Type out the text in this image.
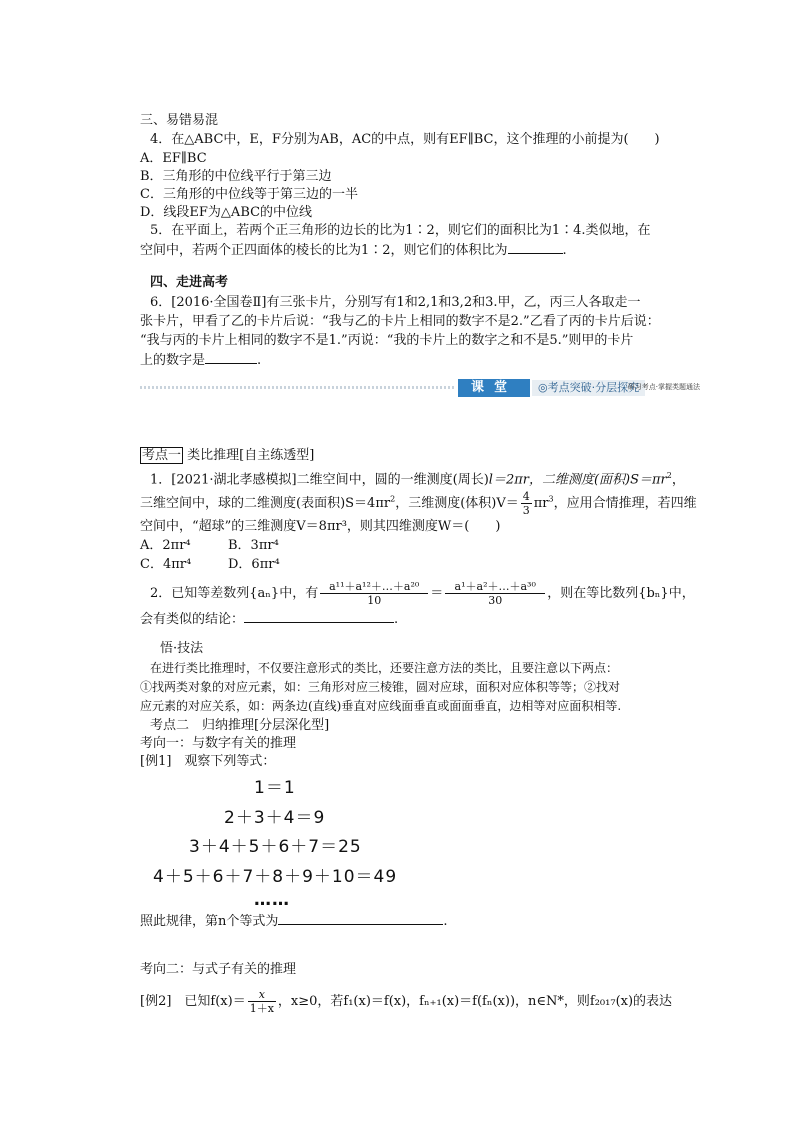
三、易错易混
4．在△ABC中，E，F分别为AB，AC的中点，则有EF∥BC，这个推理的小前提为(　　)
A．EF∥BC
B．三角形的中位线平行于第三边
C．三角形的中位线等于第三边的一半
D．线段EF为△ABC的中位线
5．在平面上，若两个正三角形的边长的比为1∶2，则它们的面积比为1∶4.类似地，在
空间中，若两个正四面体的棱长的比为1∶2，则它们的体积比为	.
四、走进高考
6．[2016·全国卷Ⅱ]有三张卡片，分别写有1和2,1和3,2和3.甲，乙，丙三人各取走一
张卡片，甲看了乙的卡片后说：“我与乙的卡片上相同的数字不是2.”乙看了丙的卡片后说：
“我与丙的卡片上相同的数字不是1.”丙说：“我的卡片上的数字之和不是5.”则甲的卡片
上的数字是	.
课堂	◎考点突破·分层探究
研习考点·掌握类题通法
考点一 类比推理[自主练透型]
1．[2021·湖北孝感模拟]二维空间中，圆的一维测度(周长)l＝2πr，二维测度(面积)$S=\pi r^2$，
三维空间中，球的二维测度(表面积)$S=4\pi r^2$，三维测度(体积)$V= \frac{4}{3} \pi r^3$，应用合情推理，若四维
空间中，“超球”的三维测度V＝8πr³，则其四维测度W＝(　　)
A．2πr⁴	B．3πr⁴
C．4πr⁴	D．6πr⁴
2．已知等差数列{aₙ}中，有 $\frac{\text{a¹¹＋a¹²＋…＋a²⁰}}{10} = \frac{\text{a¹＋a²＋…＋a³⁰}}{30}$ ，则在等比数列{bₙ}中，
会有类似的结论：	.
悟·技法
在进行类比推理时，不仅要注意形式的类比，还要注意方法的类比，且要注意以下两点：
①找两类对象的对应元素，如：三角形对应三棱锥，圆对应球，面积对应体积等等；②找对
应元素的对应关系，如：两条边(直线)垂直对应线面垂直或面面垂直，边相等对应面积相等.
考点二　归纳推理[分层深化型]
考向一：与数字有关的推理
[例1]　观察下列等式：
1＝1
2＋3＋4＝9
3＋4＋5＋6＋7＝25
4＋5＋6＋7＋8＋9＋10＝49
……
照此规律，第n个等式为	.
考向二：与式子有关的推理
[例2]　已知$f(x)= \frac{x}{1+x}$ ，x≥0，若f₁(x)＝f(x)，fₙ₊₁(x)＝f(fₙ(x))，n∈N*，则f₂₀₁₇(x)的表达
